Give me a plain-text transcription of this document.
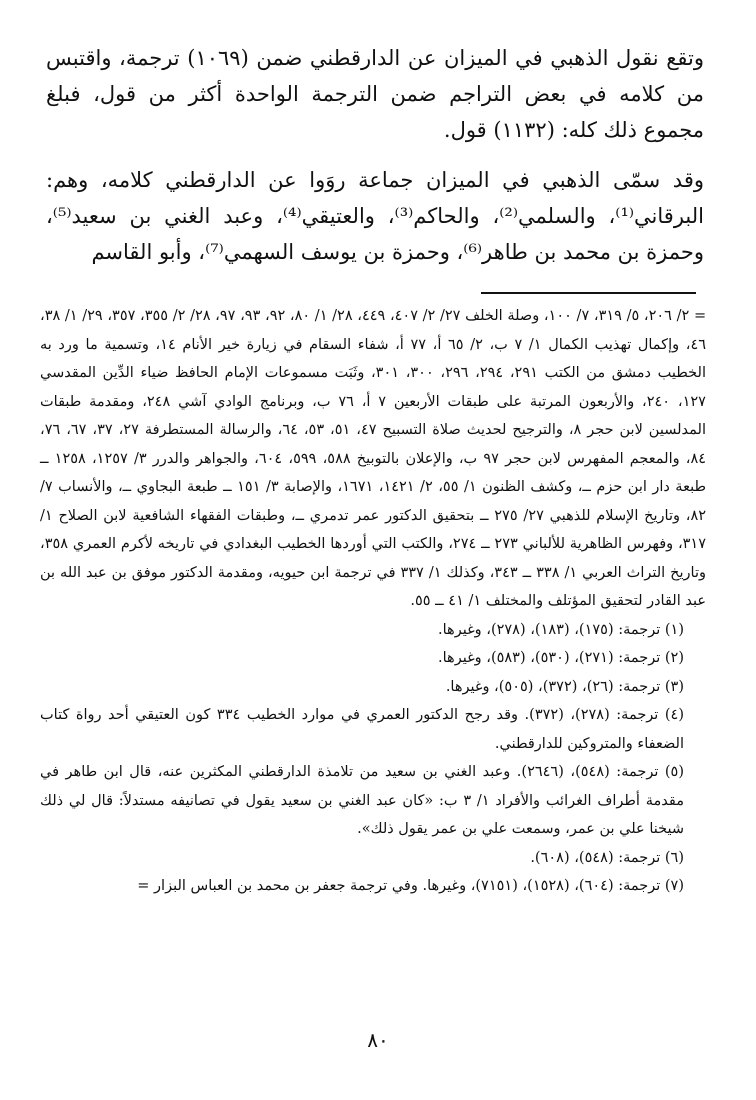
وتقع نقول الذهبي في الميزان عن الدارقطني ضمن (١٠٦٩) ترجمة، واقتبس من كلامه في بعض التراجم ضمن الترجمة الواحدة أكثر من قول، فبلغ مجموع ذلك كله: (١١٣٢) قول.

وقد سمّى الذهبي في الميزان جماعة روَوا عن الدارقطني كلامه، وهم: البرقاني⁽¹⁾، والسلمي⁽²⁾، والحاكم⁽³⁾، والعتيقي⁽⁴⁾، وعبد الغني بن سعيد⁽⁵⁾، وحمزة بن محمد بن طاهر⁽⁶⁾، وحمزة بن يوسف السهمي⁽⁷⁾، وأبو القاسم

= ٢/ ٢٠٦، ٥/ ٣١٩، ٧/ ١٠٠، وصلة الخلف ٢٧/ ٢/ ٤٠٧، ٤٤٩، ٢٨/ ١/ ٨٠، ٩٢، ٩٣، ٩٧، ٢٨/ ٢/ ٣٥٥، ٣٥٧، ٢٩/ ١/ ٣٨، ٤٦، وإكمال تهذيب الكمال ١/ ٧ ب، ٢/ ٦٥ أ، ٧٧ أ، شفاء السقام في زيارة خير الأنام ١٤، وتسمية ما ورد به الخطيب دمشق من الكتب ٢٩١، ٢٩٤، ٢٩٦، ٣٠٠، ٣٠١، وثَبَت مسموعات الإمام الحافظ ضياء الدِّين المقدسي ١٢٧، ٢٤٠، والأربعون المرتبة على طبقات الأربعين ٧ أ، ٧٦ ب، وبرنامج الوادي آشي ٢٤٨، ومقدمة طبقات المدلسين لابن حجر ٨، والترجيح لحديث صلاة التسبيح ٤٧، ٥١، ٥٣، ٦٤، والرسالة المستطرفة ٢٧، ٣٧، ٦٧، ٧٦، ٨٤، والمعجم المفهرس لابن حجر ٩٧ ب، والإعلان بالتوبيخ ٥٨٨، ٥٩٩، ٦٠٤، والجواهر والدرر ٣/ ١٢٥٧، ١٢٥٨ ــ طبعة دار ابن حزم ــ، وكشف الظنون ١/ ٥٥، ٢/ ١٤٢١، ١٦٧١، والإصابة ٣/ ١٥١ ــ طبعة البجاوي ــ، والأنساب ٧/ ٨٢، وتاريخ الإسلام للذهبي ٢٧/ ٢٧٥ ــ بتحقيق الدكتور عمر تدمري ــ، وطبقات الفقهاء الشافعية لابن الصلاح ١/ ٣١٧، وفهرس الظاهرية للألباني ٢٧٣ ــ ٢٧٤، والكتب التي أوردها الخطيب البغدادي في تاريخه لأكرم العمري ٣٥٨، وتاريخ التراث العربي ١/ ٣٣٨ ــ ٣٤٣، وكذلك ١/ ٣٣٧ في ترجمة ابن حيويه، ومقدمة الدكتور موفق بن عبد الله بن عبد القادر لتحقيق المؤتلف والمختلف ١/ ٤١ ــ ٥٥.

(١) ترجمة: (١٧٥)، (١٨٣)، (٢٧٨)، وغيرها.

(٢) ترجمة: (٢٧١)، (٥٣٠)، (٥٨٣)، وغيرها.

(٣) ترجمة: (٢٦)، (٣٧٢)، (٥٠٥)، وغيرها.

(٤) ترجمة: (٢٧٨)، (٣٧٢). وقد رجح الدكتور العمري في موارد الخطيب ٣٣٤ كون العتيقي أحد رواة كتاب الضعفاء والمتروكين للدارقطني.

(٥) ترجمة: (٥٤٨)، (٢٦٤٦). وعبد الغني بن سعيد من تلامذة الدارقطني المكثرين عنه، قال ابن طاهر في مقدمة أطراف الغرائب والأفراد ١/ ٣ ب: «كان عبد الغني بن سعيد يقول في تصانيفه مستدلاً: قال لي ذلك شيخنا علي بن عمر، وسمعت علي بن عمر يقول ذلك».

(٦) ترجمة: (٥٤٨)، (٦٠٨).

(٧) ترجمة: (٦٠٤)، (١٥٢٨)، (٧١٥١)، وغيرها. وفي ترجمة جعفر بن محمد بن العباس البزار =

٨٠
